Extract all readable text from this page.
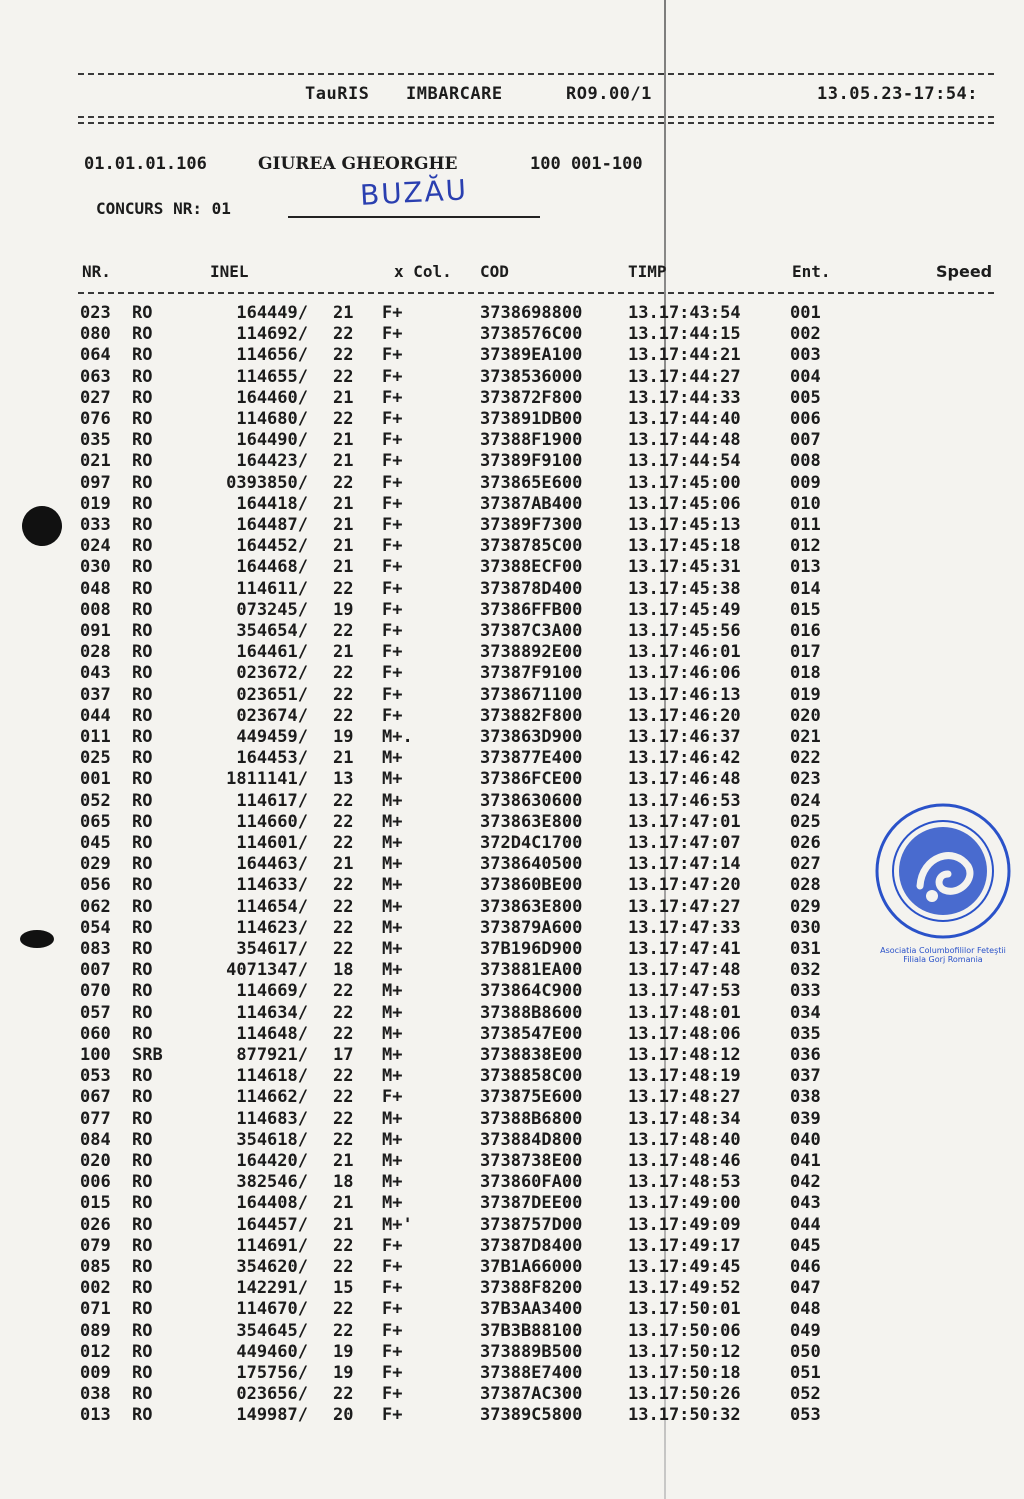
TauRIS IMBARCARE	RO9.00/1	13.05.23-17:54:
01.01.01.106	GIUREA GHEORGHE	100 001-100
CONCURS NR: 01	BUZĂU
NR.	INEL	x Col. COD	TIMP	Ent.	Speed
023 RO	164449/ 21 F+	3738698800	13.17:43:54	001
080 RO	114692/ 22 F+	3738576C00	13.17:44:15	002
064 RO	114656/ 22 F+	37389EA100	13.17:44:21	003
063 RO	114655/ 22 F+	3738536000	13.17:44:27	004
027 RO	164460/ 21 F+	373872F800	13.17:44:33	005
076 RO	114680/ 22 F+	373891DB00	13.17:44:40	006
035 RO	164490/ 21 F+	37388F1900	13.17:44:48	007
021 RO	164423/ 21 F+	37389F9100	13.17:44:54	008
097 RO	0393850/ 22 F+	373865E600	13.17:45:00	009
019 RO	164418/ 21 F+	37387AB400	13.17:45:06	010
033 RO	164487/ 21 F+	37389F7300	13.17:45:13	011
024 RO	164452/ 21 F+	3738785C00	13.17:45:18	012
030 RO	164468/ 21 F+	37388ECF00	13.17:45:31	013
048 RO	114611/ 22 F+	373878D400	13.17:45:38	014
008 RO	073245/ 19 F+	37386FFB00	13.17:45:49	015
091 RO	354654/ 22 F+	37387C3A00	13.17:45:56	016
028 RO	164461/ 21 F+	3738892E00	13.17:46:01	017
043 RO	023672/ 22 F+	37387F9100	13.17:46:06	018
037 RO	023651/ 22 F+	3738671100	13.17:46:13	019
044 RO	023674/ 22 F+	373882F800	13.17:46:20	020
011 RO	449459/ 19 M+.	373863D900	13.17:46:37	021
025 RO	164453/ 21 M+	373877E400	13.17:46:42	022
001 RO	1811141/ 13 M+	37386FCE00	13.17:46:48	023
052 RO	114617/ 22 M+	3738630600	13.17:46:53	024
065 RO	114660/ 22 M+	373863E800	13.17:47:01	025
045 RO	114601/ 22 M+	372D4C1700	13.17:47:07	026
029 RO	164463/ 21 M+	3738640500	13.17:47:14	027
056 RO	114633/ 22 M+	373860BE00	13.17:47:20	028
062 RO	114654/ 22 M+	373863E800	13.17:47:27	029
054 RO	114623/ 22 M+	373879A600	13.17:47:33	030
083 RO	354617/ 22 M+	37B196D900	13.17:47:41	031
007 RO	4071347/ 18 M+	373881EA00	13.17:47:48	032
070 RO	114669/ 22 M+	373864C900	13.17:47:53	033
057 RO	114634/ 22 M+	37388B8600	13.17:48:01	034
060 RO	114648/ 22 M+	3738547E00	13.17:48:06	035
100 SRB	877921/ 17 M+	3738838E00	13.17:48:12	036
053 RO	114618/ 22 M+	3738858C00	13.17:48:19	037
067 RO	114662/ 22 F+	373875E600	13.17:48:27	038
077 RO	114683/ 22 M+	37388B6800	13.17:48:34	039
084 RO	354618/ 22 M+	373884D800	13.17:48:40	040
020 RO	164420/ 21 M+	3738738E00	13.17:48:46	041
006 RO	382546/ 18 M+	373860FA00	13.17:48:53	042
015 RO	164408/ 21 M+	37387DEE00	13.17:49:00	043
026 RO	164457/ 21 M+'	3738757D00	13.17:49:09	044
079 RO	114691/ 22 F+	37387D8400	13.17:49:17	045
085 RO	354620/ 22 F+	37B1A66000	13.17:49:45	046
002 RO	142291/ 15 F+	37388F8200	13.17:49:52	047
071 RO	114670/ 22 F+	37B3AA3400	13.17:50:01	048
089 RO	354645/ 22 F+	37B3B88100	13.17:50:06	049
012 RO	449460/ 19 F+	373889B500	13.17:50:12	050
009 RO	175756/ 19 F+	37388E7400	13.17:50:18	051
038 RO	023656/ 22 F+	37387AC300	13.17:50:26	052
013 RO	149987/ 20 F+	37389C5800	13.17:50:32	053
Asociatia Columbofililor Feteştii Filiala Gorj Romania
